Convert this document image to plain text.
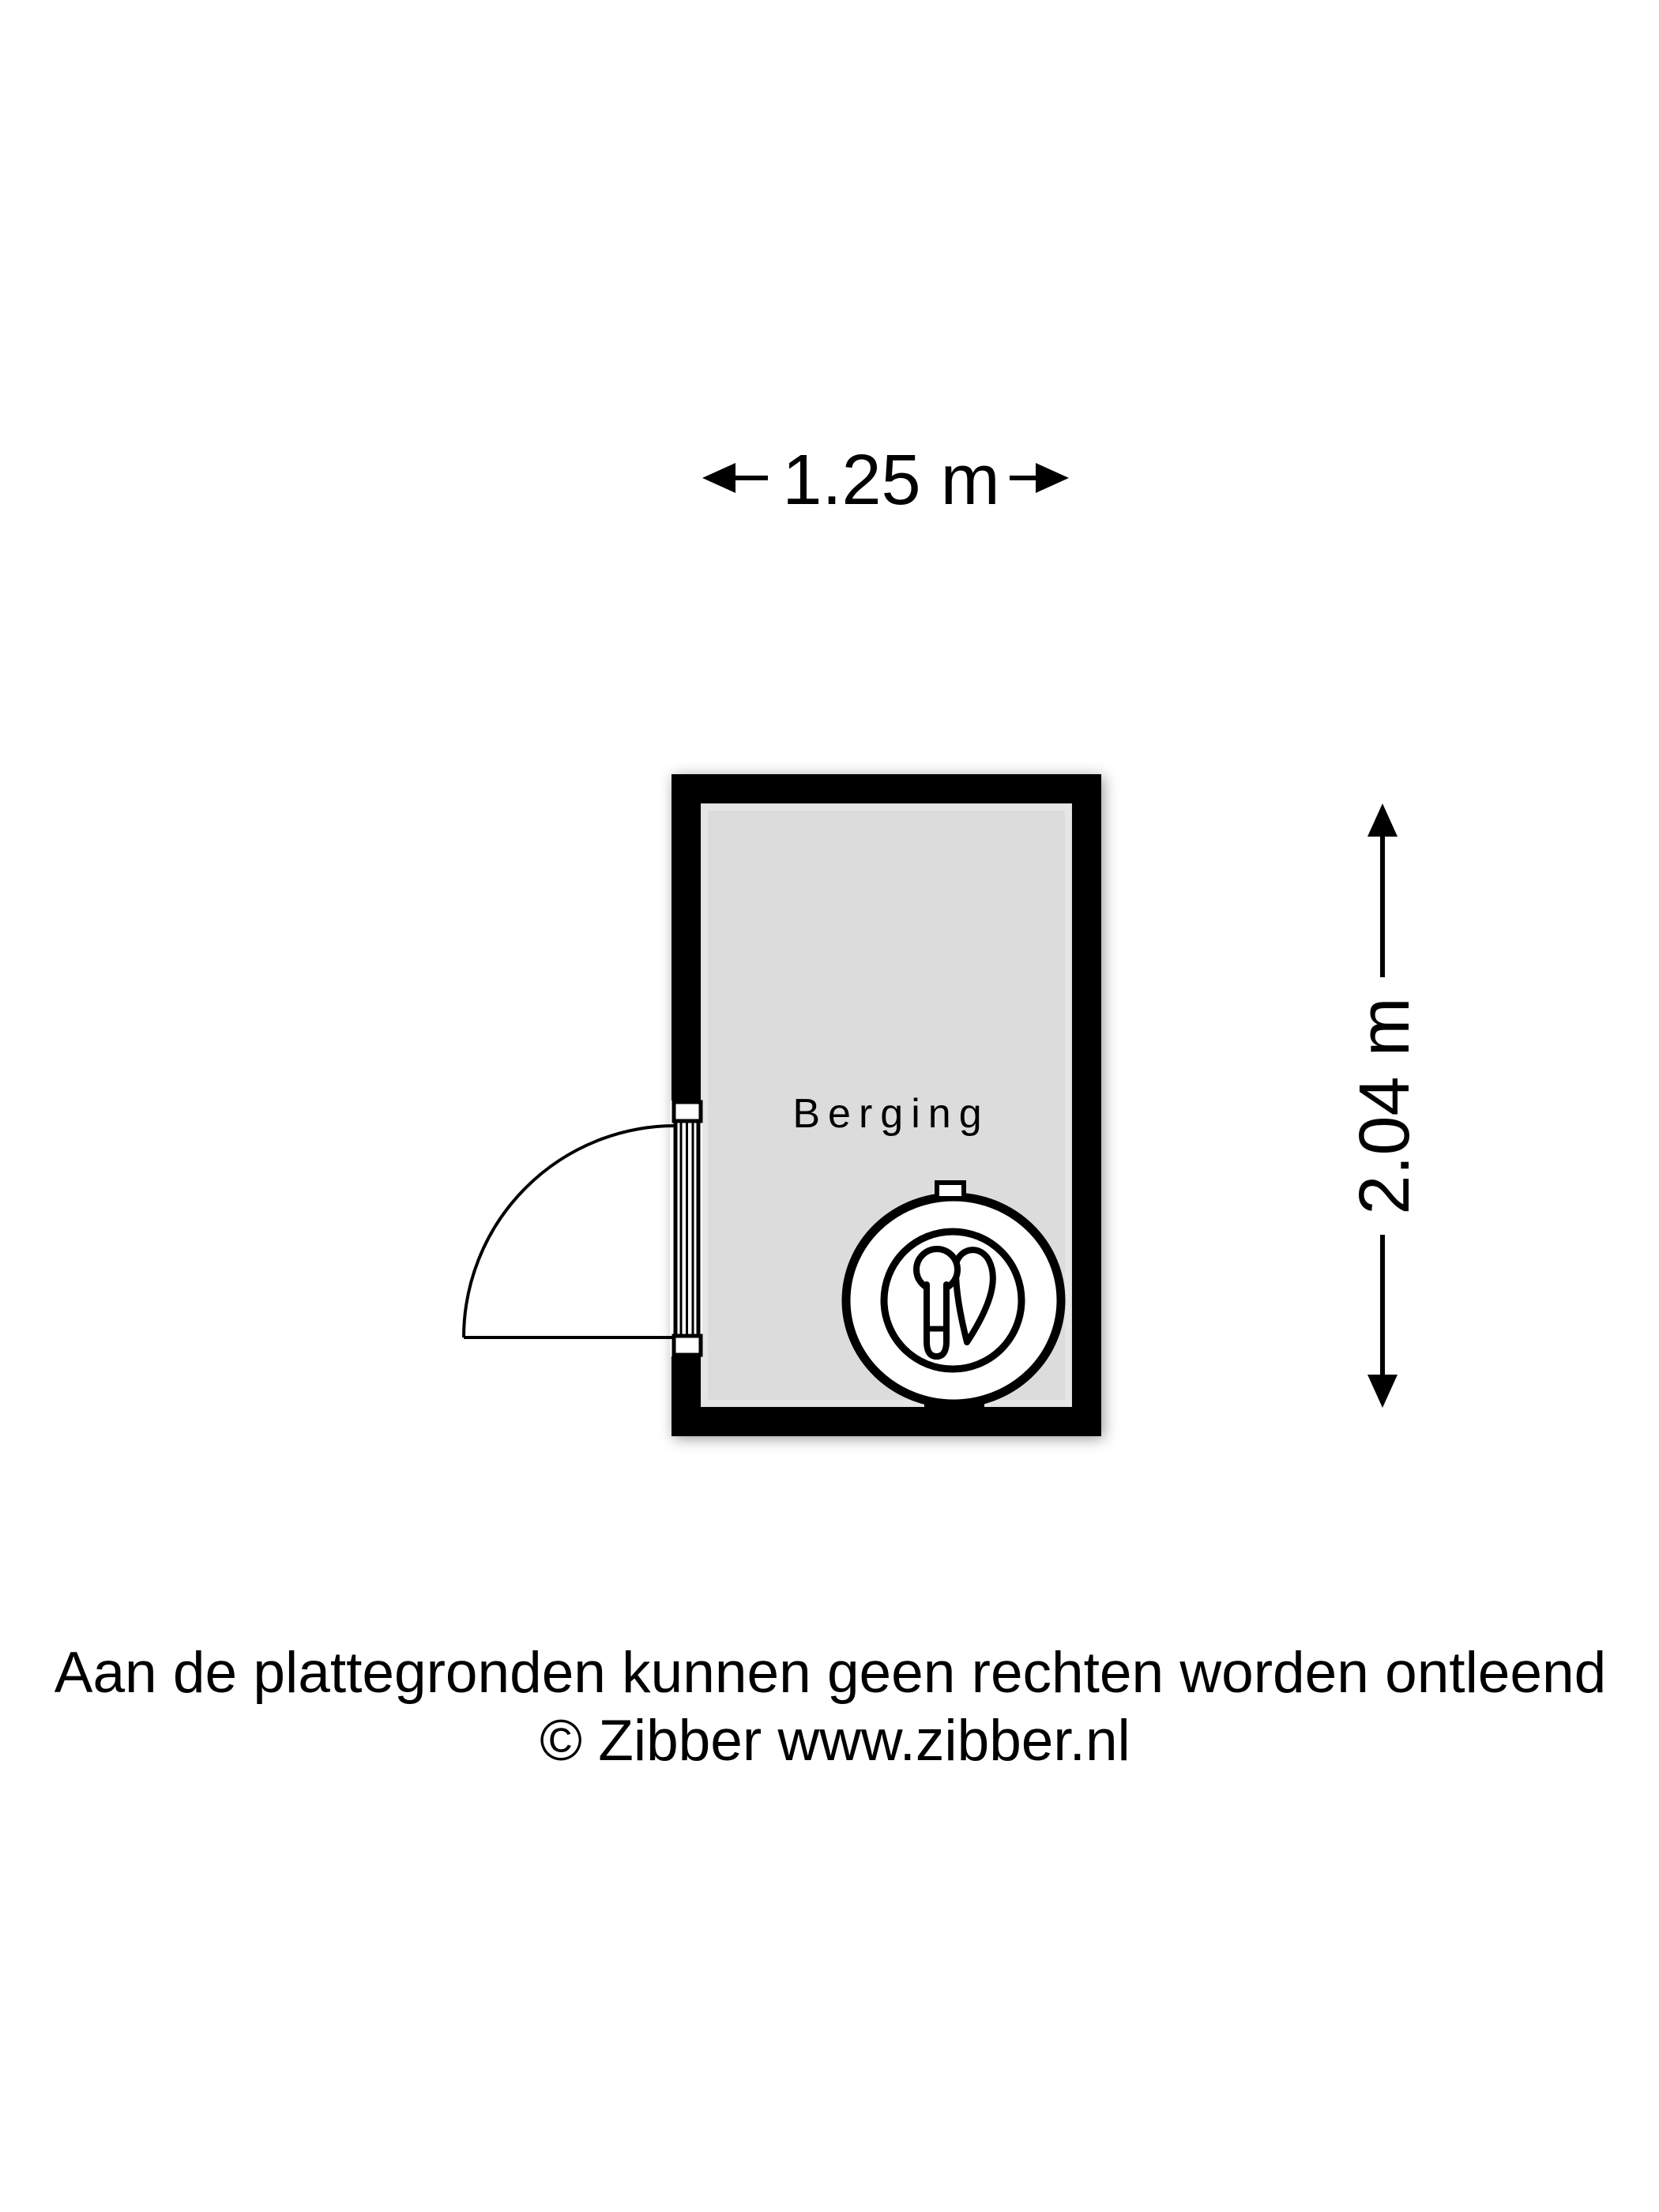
1.25 m
2.04 m
Berging
Aan de plattegronden kunnen geen rechten worden ontleend
© Zibber www.zibber.nl
